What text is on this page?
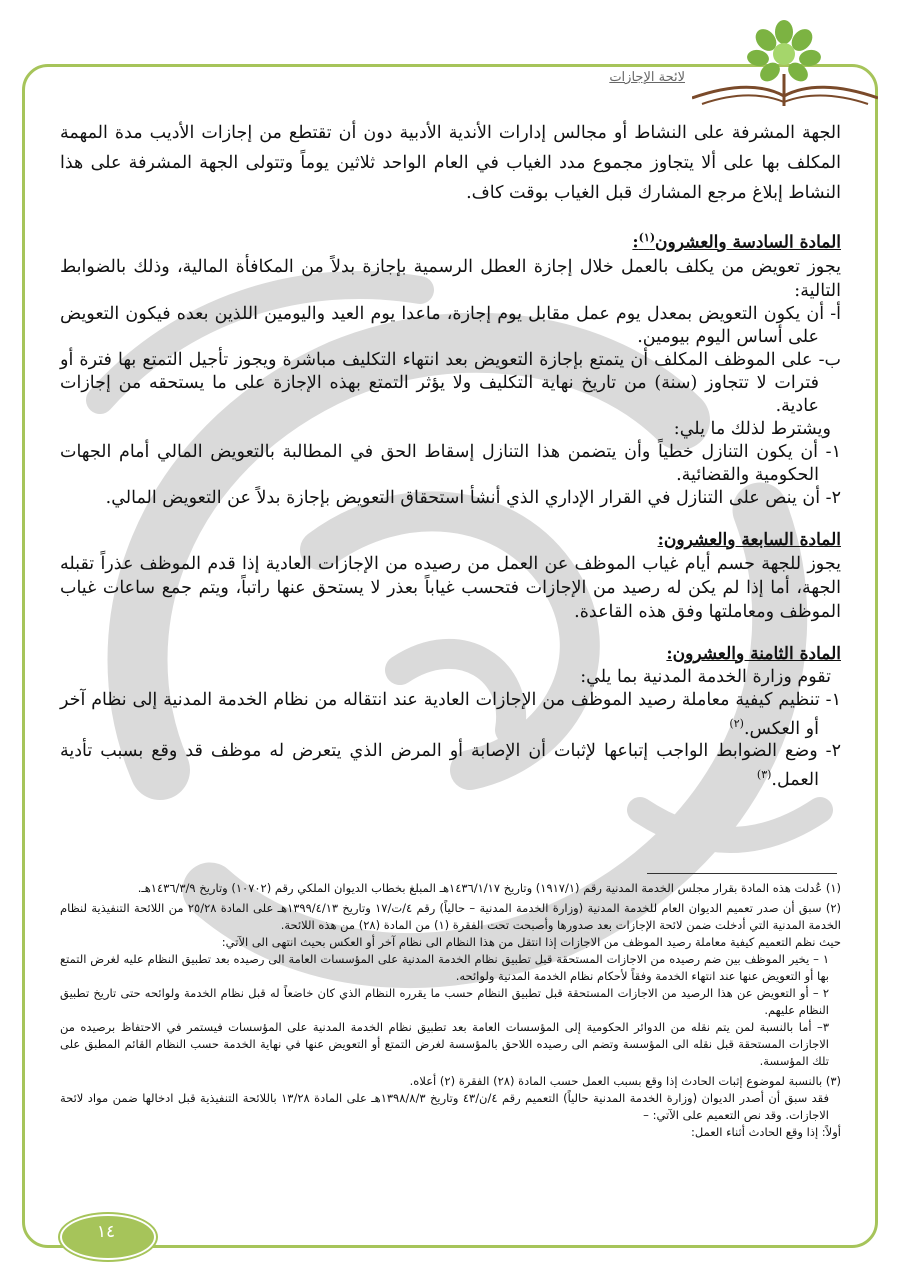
لائحة الإجازات

الجهة المشرفة على النشاط أو مجالس إدارات الأندية الأدبية دون أن تقتطع من إجازات الأديب مدة المهمة المكلف بها على ألا يتجاوز مجموع مدد الغياب في العام الواحد ثلاثين يوماً وتتولى الجهة المشرفة على هذا النشاط إبلاغ مرجع المشارك قبل الغياب بوقت كاف.

المادة السادسة والعشرون$^{(١)}$:

يجوز تعويض من يكلف بالعمل خلال إجازة العطل الرسمية بإجازة بدلاً من المكافأة المالية، وذلك بالضوابط التالية:

أ- أن يكون التعويض بمعدل يوم عمل مقابل يوم إجازة، ماعدا يوم العيد واليومين اللذين بعده فيكون التعويض على أساس اليوم بيومين.

ب- على الموظف المكلف أن يتمتع بإجازة التعويض بعد انتهاء التكليف مباشرة ويجوز تأجيل التمتع بها فترة أو فترات لا تتجاوز (سنة) من تاريخ نهاية التكليف ولا يؤثر التمتع بهذه الإجازة على ما يستحقه من إجازات عادية.

ويشترط لذلك ما يلي:

١- أن يكون التنازل خطياً وأن يتضمن هذا التنازل إسقاط الحق في المطالبة بالتعويض المالي أمام الجهات الحكومية والقضائية.

٢- أن ينص على التنازل في القرار الإداري الذي أنشأ استحقاق التعويض بإجازة بدلاً عن التعويض المالي.

المادة السابعة والعشرون:

يجوز للجهة حسم أيام غياب الموظف عن العمل من رصيده من الإجازات العادية إذا قدم الموظف عذراً تقبله الجهة، أما إذا لم يكن له رصيد من الإجازات فتحسب غياباً بعذر لا يستحق عنها راتباً، ويتم جمع ساعات غياب الموظف ومعاملتها وفق هذه القاعدة.

المادة الثامنة والعشرون:

تقوم وزارة الخدمة المدنية بما يلي:

١- تنظيم كيفية معاملة رصيد الموظف من الإجازات العادية عند انتقاله من نظام الخدمة المدنية إلى نظام آخر أو العكس.$^{(٢)}$

٢- وضع الضوابط الواجب إتباعها لإثبات أن الإصابة أو المرض الذي يتعرض له موظف قد وقع بسبب تأدية العمل.$^{(٣)}$

(١) عُدلت هذه المادة بقرار مجلس الخدمة المدنية رقم (١٩١٧/١) وتاريخ ١٤٣٦/١/١٧هـ المبلغ بخطاب الديوان الملكي رقم (١٠٧٠٢) وتاريخ ١٤٣٦/٣/٩هـ.

(٢) سبق أن صدر تعميم الديوان العام للخدمة المدنية (وزارة الخدمة المدنية – حالياً) رقم ٤/ت/١٧ وتاريخ ١٣٩٩/٤/١٣هـ على المادة ٢٥/٢٨ من اللائحة التنفيذية لنظام الخدمة المدنية التي أدخلت ضمن لائحة الإجازات بعد صدورها وأصبحت تحت الفقرة (١) من المادة (٢٨) من هذه اللائحة.

حيث نظم التعميم كيفية معاملة رصيد الموظف من الاجازات إذا انتقل من هذا النظام الى نظام آخر أو العكس بحيث انتهى الى الآتي:

١ – يخير الموظف بين ضم رصيده من الاجازات المستحقة قبل تطبيق نظام الخدمة المدنية على المؤسسات العامة الى رصيده بعد تطبيق النظام عليه لغرض التمتع بها أو التعويض عنها عند انتهاء الخدمة وفقاً لأحكام نظام الخدمة المدنية ولوائحه.

٢ – أو التعويض عن هذا الرصيد من الاجازات المستحقة قبل تطبيق النظام حسب ما يقرره النظام الذي كان خاضعاً له قبل نظام الخدمة ولوائحه حتى تاريخ تطبيق النظام عليهم.

٣– أما بالنسبة لمن يتم نقله من الدوائر الحكومية إلى المؤسسات العامة بعد تطبيق نظام الخدمة المدنية على المؤسسات فيستمر في الاحتفاظ برصيده من الاجازات المستحقة قبل نقله الى المؤسسة وتضم الى رصيده اللاحق بالمؤسسة لغرض التمتع أو التعويض عنها في نهاية الخدمة حسب النظام القائم المطبق على تلك المؤسسة.

(٣) بالنسبة لموضوع إثبات الحادث إذا وقع بسبب العمل حسب المادة (٢٨) الفقرة (٢) أعلاه.

فقد سبق أن أصدر الديوان (وزارة الخدمة المدنية حالياً) التعميم رقم ٤/ن/٤٣ وتاريخ ١٣٩٨/٨/٣هـ على المادة ١٣/٢٨ باللائحة التنفيذية قبل ادخالها ضمن مواد لائحة الاجازات. وقد نص التعميم على الآتي: –

أولاً: إذا وقع الحادث أثناء العمل:

١٤
